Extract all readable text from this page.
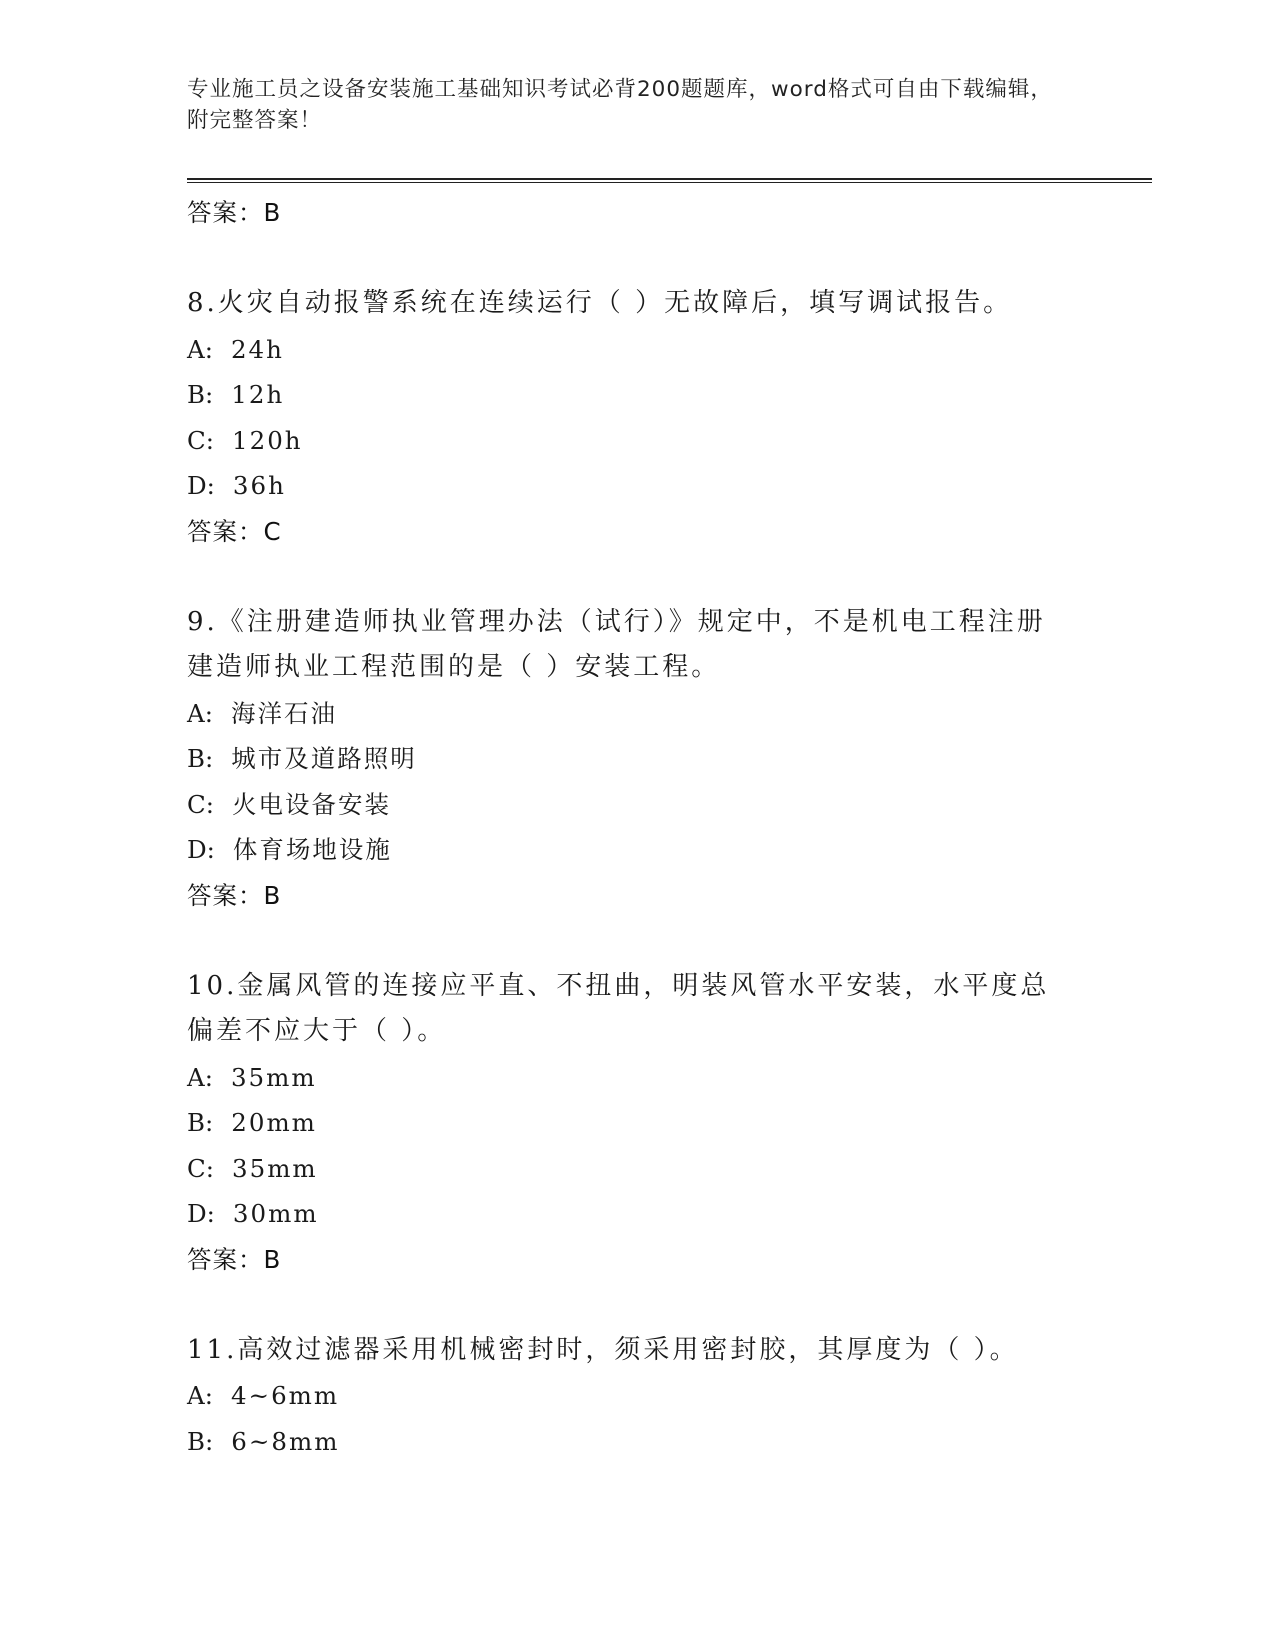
专业施工员之设备安装施工基础知识考试必背200题题库，word格式可自由下载编辑，附完整答案！
答案：B
8.火灾自动报警系统在连续运行（ ）无故障后，填写调试报告。
A: 24h
B: 12h
C: 120h
D: 36h
答案：C
9.《注册建造师执业管理办法（试行）》规定中，不是机电工程注册建造师执业工程范围的是（ ）安装工程。
A: 海洋石油
B: 城市及道路照明
C: 火电设备安装
D: 体育场地设施
答案：B
10.金属风管的连接应平直、不扭曲，明装风管水平安装，水平度总偏差不应大于（ ）。
A: 35mm
B: 20mm
C: 35mm
D: 30mm
答案：B
11.高效过滤器采用机械密封时，须采用密封胶，其厚度为（ ）。
A: 4~6mm
B: 6~8mm
